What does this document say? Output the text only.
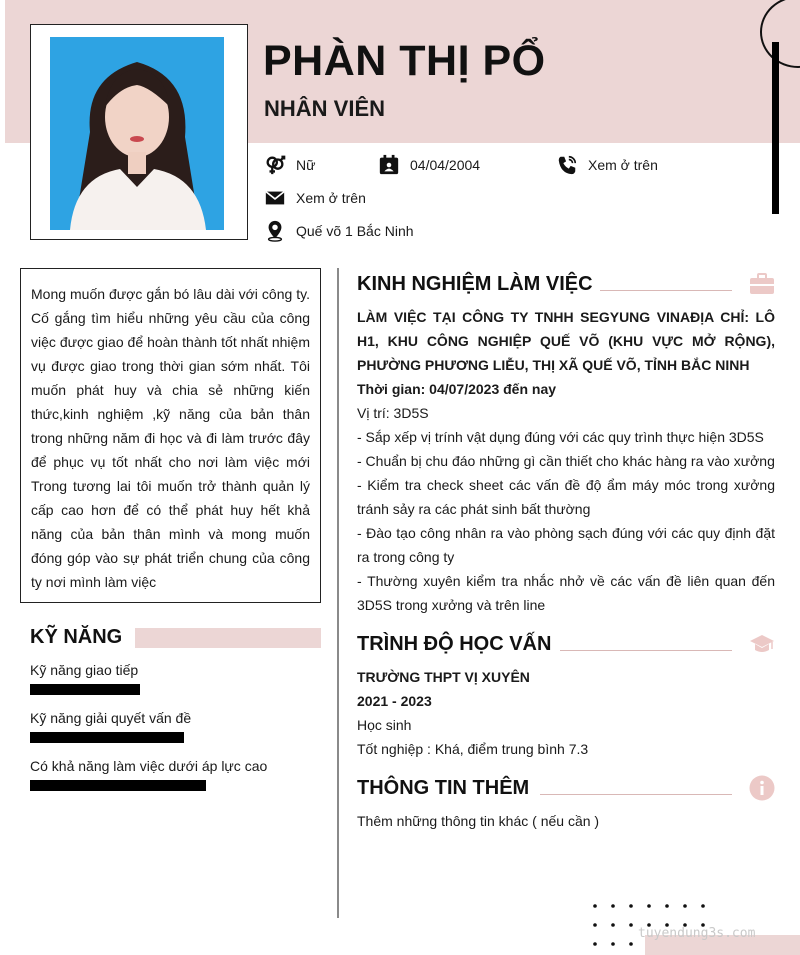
PHÀN THỊ PỔ
NHÂN VIÊN
Nữ	04/04/2004	Xem ở trên
Xem ở trên
Quế võ 1 Bắc Ninh
Mong muốn được gắn bó lâu dài với công ty. Cố gắng tìm hiểu những yêu cầu của công việc được giao để hoàn thành tốt nhất nhiệm vụ được giao trong thời gian sớm nhất. Tôi muốn phát huy và chia sẻ những kiến thức,kinh nghiệm ,kỹ năng của bản thân trong những năm đi học và đi làm trước đây để phục vụ tốt nhất cho nơi làm việc mới Trong tương lai tôi muốn trở thành quản lý cấp cao hơn để có thể phát huy hết khả năng của bản thân mình và mong muốn đóng góp vào sự phát triển chung của công ty nơi mình làm việc
KỸ NĂNG
Kỹ năng giao tiếp
Kỹ năng giải quyết vấn đề
Có khả năng làm việc dưới áp lực cao
KINH NGHIỆM LÀM VIỆC

LÀM VIỆC TẠI CÔNG TY TNHH SEGYUNG VINAĐỊA CHỈ: LÔ H1, KHU CÔNG NGHIỆP QUẾ VÕ (KHU VỰC MỞ RỘNG), PHƯỜNG PHƯƠNG LIỄU, THỊ XÃ QUẾ VÕ, TỈNH BẮC NINH

Thời gian: 04/07/2023 đến nay

Vị trí: 3D5S

- Sắp xếp vị trính vật dụng đúng với các quy trình thực hiện 3D5S

- Chuẩn bị chu đáo những gì cần thiết cho khác hàng ra vào xưởng

- Kiểm tra check sheet các vấn đề độ ẩm máy móc trong xưởng tránh sảy ra các phát sinh bất thường

- Đào tạo công nhân ra vào phòng sạch đúng với các quy định đặt ra trong công ty

- Thường xuyên kiểm tra nhắc nhở về các vấn đề liên quan đến 3D5S trong xưởng và trên line

TRÌNH ĐỘ HỌC VẤN

TRƯỜNG THPT VỊ XUYÊN

2021 - 2023

Học sinh

Tốt nghiệp : Khá, điểm trung bình 7.3

THÔNG TIN THÊM

Thêm những thông tin khác ( nếu cần )

tuyendung3s.com
